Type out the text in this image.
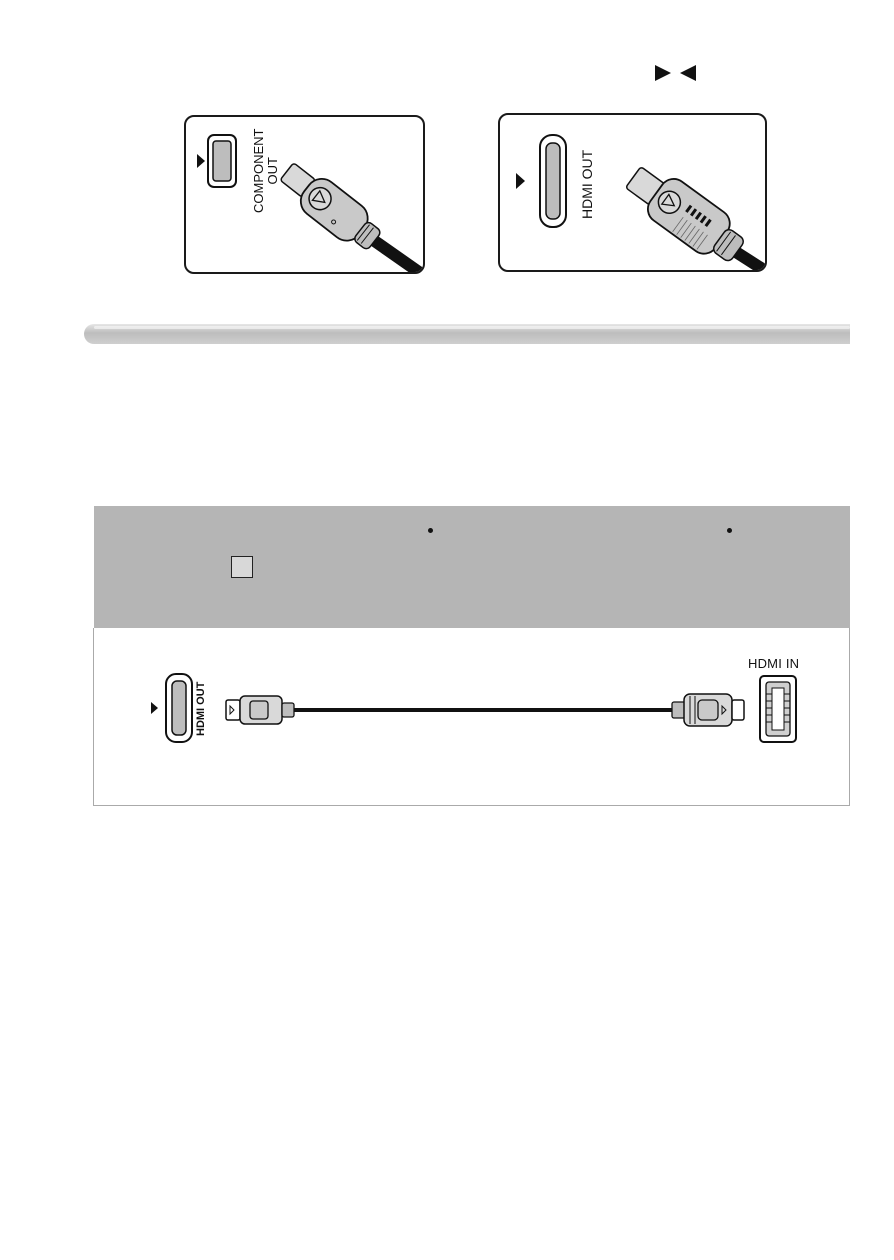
COMPONENT
OUT	HDMI OUT
HDMI OUT
HDMI IN
